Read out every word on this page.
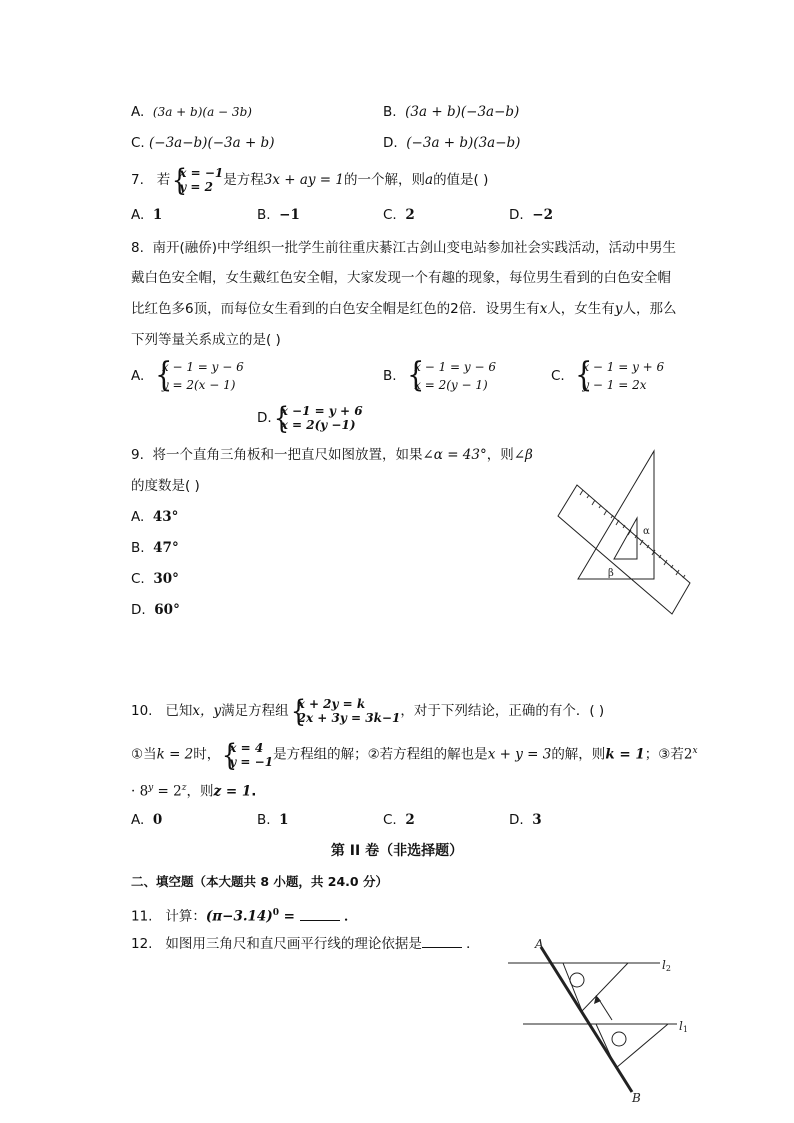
A. (3a + b)(a − 3b)	B. (3a + b)(−3a−b)
C. (−3a−b)(−3a + b)	D. (−3a + b)(3a−b)
7. 若 {
x = −1
y = 2 是方程3x + ay = 1的一个解，则a的值是( )
A. 1	B. −1	C. 2	D. −2
8. 南开(融侨)中学组织一批学生前往重庆綦江古剑山变电站参加社会实践活动，活动中男生
戴白色安全帽，女生戴红色安全帽，大家发现一个有趣的现象，每位男生看到的白色安全帽
比红色多6顶，而每位女生看到的白色安全帽是红色的2倍．设男生有x人，女生有y人，那么
下列等量关系成立的是( )
A. {
x − 1 = y − 6
y = 2(x − 1)
B. {
x − 1 = y − 6
x = 2(y − 1)
C. {
x − 1 = y + 6
y − 1 = 2x
D. {
x −1 = y + 6
x = 2(y −1)
9. 将一个直角三角板和一把直尺如图放置，如果∠α = 43°，则∠β
的度数是( )
A. 43°
B. 47°
C. 30°
D. 60°
α
β
10. 已知x，y满足方程组 {
x + 2y = k
2x + 3y = 3k−1 ，对于下列结论，正确的有个．( )
①当k = 2时， {
x = 4
y = −1 是方程组的解；②若方程组的解也是x + y = 3的解，则k = 1；③若$2^x$
· $8^y = 2^z$，则z = 1.
A. 0	B. 1	C. 2	D. 3
第 II 卷（非选择题）
二、填空题（本大题共 8 小题，共 24.0 分）
11. 计算：$(\pi-3.14)^0$ =	．
12. 如图用三角尺和直尺画平行线的理论依据是	．	A
B
l2
l1
